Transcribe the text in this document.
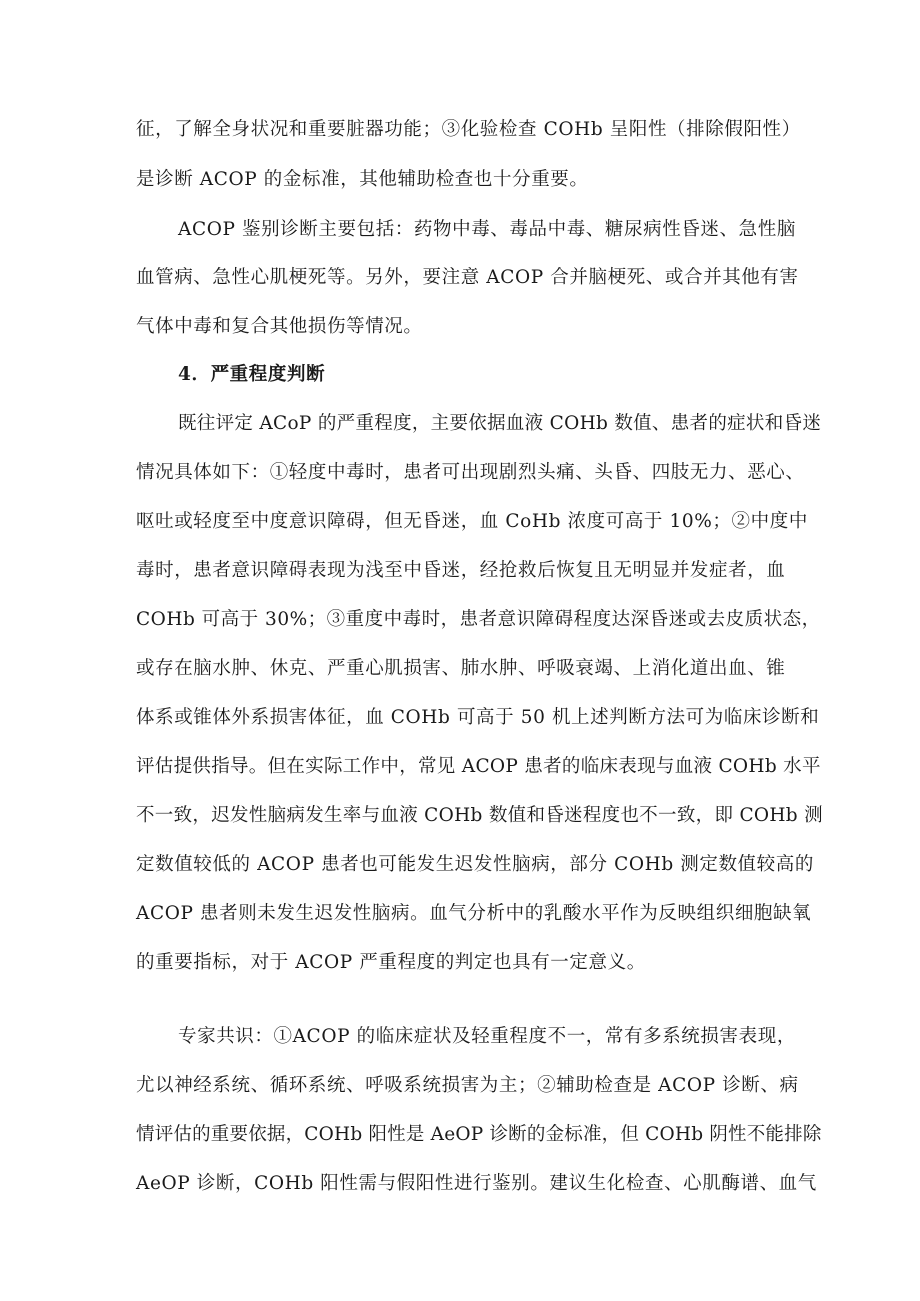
征，了解全身状况和重要脏器功能；③化验检查 COHb 呈阳性（排除假阳性）
是诊断 ACOP 的金标准，其他辅助检查也十分重要。
ACOP 鉴别诊断主要包括：药物中毒、毒品中毒、糖尿病性昏迷、急性脑
血管病、急性心肌梗死等。另外，要注意 ACOP 合并脑梗死、或合并其他有害
气体中毒和复合其他损伤等情况。
4．严重程度判断
既往评定 ACoP 的严重程度，主要依据血液 COHb 数值、患者的症状和昏迷
情况具体如下：①轻度中毒时，患者可出现剧烈头痛、头昏、四肢无力、恶心、
呕吐或轻度至中度意识障碍，但无昏迷，血 CoHb 浓度可高于 10%；②中度中
毒时，患者意识障碍表现为浅至中昏迷，经抢救后恢复且无明显并发症者，血
COHb 可高于 30%；③重度中毒时，患者意识障碍程度达深昏迷或去皮质状态，
或存在脑水肿、休克、严重心肌损害、肺水肿、呼吸衰竭、上消化道出血、锥
体系或锥体外系损害体征，血 COHb 可高于 50 机上述判断方法可为临床诊断和
评估提供指导。但在实际工作中，常见 ACOP 患者的临床表现与血液 COHb 水平
不一致，迟发性脑病发生率与血液 COHb 数值和昏迷程度也不一致，即 COHb 测
定数值较低的 ACOP 患者也可能发生迟发性脑病，部分 COHb 测定数值较高的
ACOP 患者则未发生迟发性脑病。血气分析中的乳酸水平作为反映组织细胞缺氧
的重要指标，对于 ACOP 严重程度的判定也具有一定意义。
专家共识：①ACOP 的临床症状及轻重程度不一，常有多系统损害表现，
尤以神经系统、循环系统、呼吸系统损害为主；②辅助检查是 ACOP 诊断、病
情评估的重要依据，COHb 阳性是 AeOP 诊断的金标准，但 COHb 阴性不能排除
AeOP 诊断，COHb 阳性需与假阳性进行鉴别。建议生化检查、心肌酶谱、血气
